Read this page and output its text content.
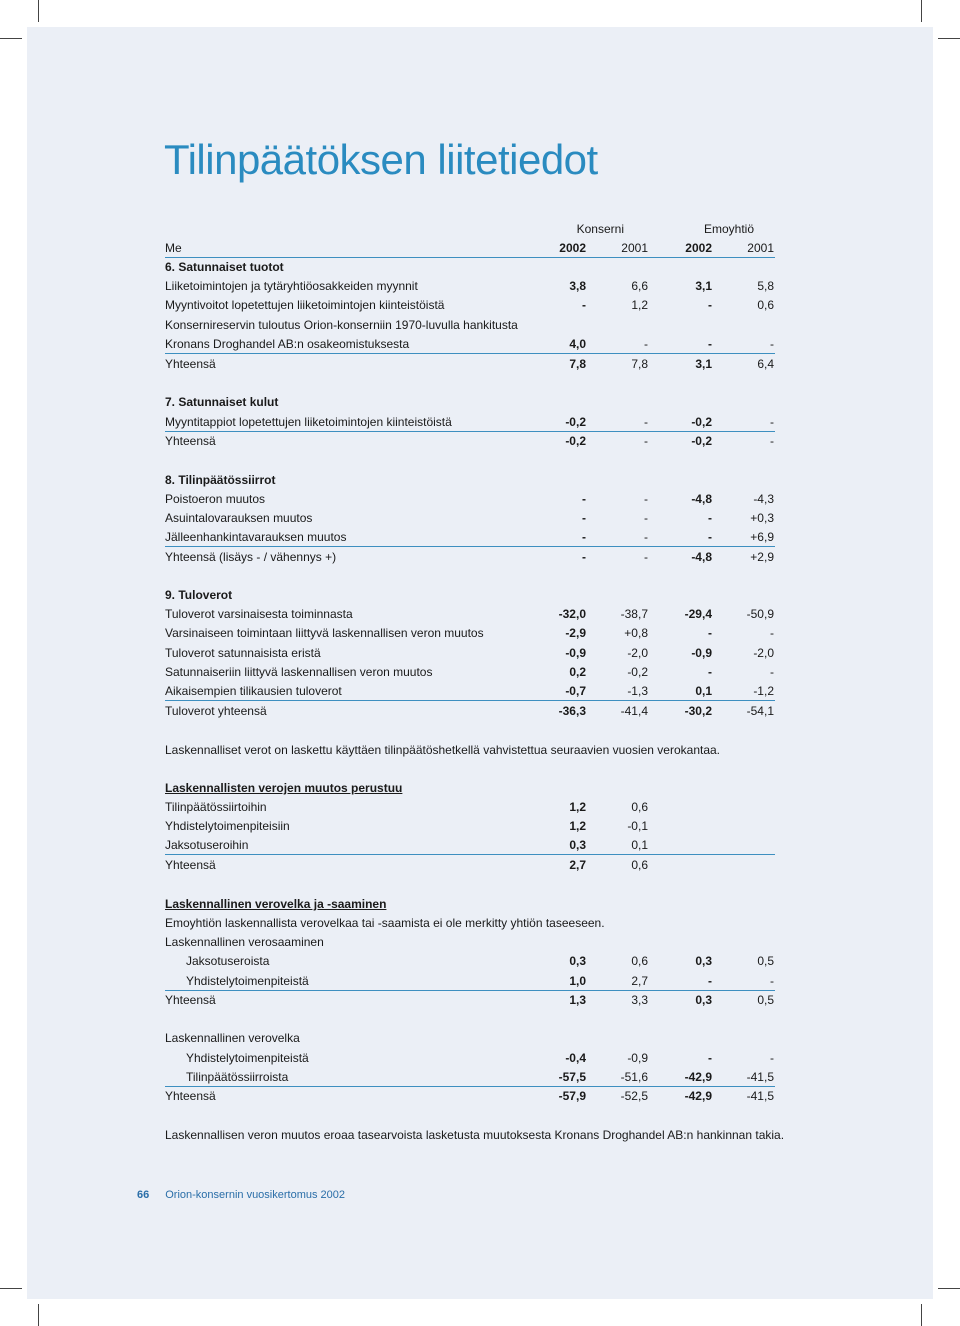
Tilinpäätöksen liitetiedot
Konserni	Emoyhtiö
Me	2002	2001	2002	2001
6. Satunnaiset tuotot
Liiketoimintojen ja tytäryhtiöosakkeiden myynnit	3,8	6,6	3,1	5,8
Myyntivoitot lopetettujen liiketoimintojen kiinteistöistä	-	1,2	-	0,6
Konsernireservin tuloutus Orion-konserniin 1970-luvulla hankitusta
Kronans Droghandel AB:n osakeomistuksesta	4,0	-	-	-
Yhteensä	7,8	7,8	3,1	6,4
7. Satunnaiset kulut
Myyntitappiot lopetettujen liiketoimintojen kiinteistöistä	-0,2	-	-0,2	-
Yhteensä	-0,2	-	-0,2	-
8. Tilinpäätössiirrot
Poistoeron muutos	-	-	-4,8	-4,3
Asuintalovarauksen muutos	-	-	-	+0,3
Jälleenhankintavarauksen muutos	-	-	-	+6,9
Yhteensä (lisäys - / vähennys +)	-	-	-4,8	+2,9
9. Tuloverot
Tuloverot varsinaisesta toiminnasta	-32,0	-38,7	-29,4	-50,9
Varsinaiseen toimintaan liittyvä laskennallisen veron muutos	-2,9	+0,8	-	-
Tuloverot satunnaisista eristä	-0,9	-2,0	-0,9	-2,0
Satunnaiseriin liittyvä laskennallisen veron muutos	0,2	-0,2	-	-
Aikaisempien tilikausien tuloverot	-0,7	-1,3	0,1	-1,2
Tuloverot yhteensä	-36,3	-41,4	-30,2	-54,1
Tilinpäätössiirtoihin	1,2	0,6
Yhdistelytoimenpiteisiin	1,2	-0,1
Jaksotuseroihin	0,3	0,1
Yhteensä	2,7	0,6
Jaksotuseroista	0,3	0,6	0,3	0,5
Yhdistelytoimenpiteistä	1,0	2,7	-	-
Yhteensä	1,3	3,3	0,3	0,5
Yhdistelytoimenpiteistä	-0,4	-0,9	-	-
Tilinpäätössiirroista	-57,5	-51,6	-42,9	-41,5
Yhteensä	-57,9	-52,5	-42,9	-41,5
Laskennalliset verot on laskettu käyttäen tilinpäätöshetkellä vahvistettua seuraavien vuosien verokantaa.
Laskennallisten verojen muutos perustuu
Laskennallinen verovelka ja -saaminen
Emoyhtiön laskennallista verovelkaa tai -saamista ei ole merkitty yhtiön taseeseen.
Laskennallinen verosaaminen
Laskennallinen verovelka
Laskennallisen veron muutos eroaa tasearvoista lasketusta muutoksesta Kronans Droghandel AB:n hankinnan takia.
66 Orion-konsernin vuosikertomus 2002
